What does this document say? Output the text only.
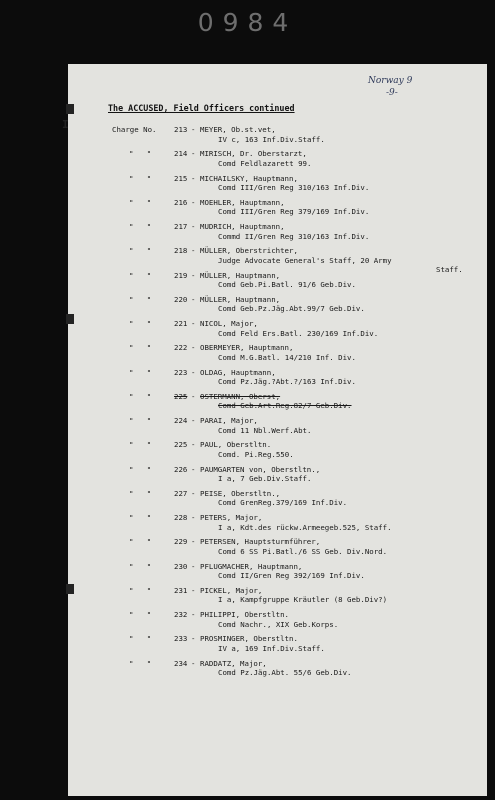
0984
Norway 9
-9-
The ACCUSED, Field Officers continued
I	Charge No. 213 - MEYER, Ob.st.vet,
IV c, 163 Inf.Div.Staff.
"   "	214 - MIRISCH, Dr. Oberstarzt,
Comd Feldlazarett 99.
"   "	215 - MICHAILSKY, Hauptmann,
Comd III/Gren Reg 310/163 Inf.Div.
"   "	216 - MOEHLER, Hauptmann,
Comd III/Gren Reg 379/169 Inf.Div.
"   "	217 - MUDRICH, Hauptmann,
Commd II/Gren Reg 310/163 Inf.Div.
"   "	218 - MÜLLER, Oberstrichter,
Judge Advocate General's Staff, 20 Army
Staff.
"   "	219 - MÜLLER, Hauptmann,
Comd Geb.Pi.Batl. 91/6 Geb.Div.
"   "	220 - MÜLLER, Hauptmann,
Comd Geb.Pz.Jäg.Abt.99/7 Geb.Div.
"   "	221 - NICOL, Major,
Comd Feld Ers.Batl. 230/169 Inf.Div.
"   "	222 - OBERMEYER, Hauptmann,
Comd M.G.Batl. 14/210 Inf. Div.
"   "	223 - OLDAG, Hauptmann,
Comd Pz.Jäg.?Abt.?/163 Inf.Div.
"   "	225 - OSTERMANN, Oberst,
Comd Geb.Art.Reg.82/7 Geb.Div.
"   "	224 - PARAI, Major,
Comd 11 Nbl.Werf.Abt.
"   "	225 - PAUL, Oberstltn.
Comd. Pi.Reg.550.
"   "	226 - PAUMGARTEN von, Oberstltn.,
I a, 7 Geb.Div.Staff.
"   "	227 - PEISE, Oberstltn.,
Comd GrenReg.379/169 Inf.Div.
"   "	228 - PETERS, Major,
I a, Kdt.des rückw.Armeegeb.525, Staff.
"   "	229 - PETERSEN, Hauptsturmführer,
Comd 6 SS Pi.Batl./6 SS Geb. Div.Nord.
"   "	230 - PFLUGMACHER, Hauptmann,
Comd II/Gren Reg 392/169 Inf.Div.
"   "	231 - PICKEL, Major,
I a, Kampfgruppe Kräutler (8 Geb.Div?)
"   "	232 - PHILIPPI, Oberstltn.
Comd Nachr., XIX Geb.Korps.
"   "	233 - PROSMINGER, Oberstltn.
IV a, 169 Inf.Div.Staff.
"   "	234 - RADDATZ, Major,
Comd Pz.Jäg.Abt. 55/6 Geb.Div.
